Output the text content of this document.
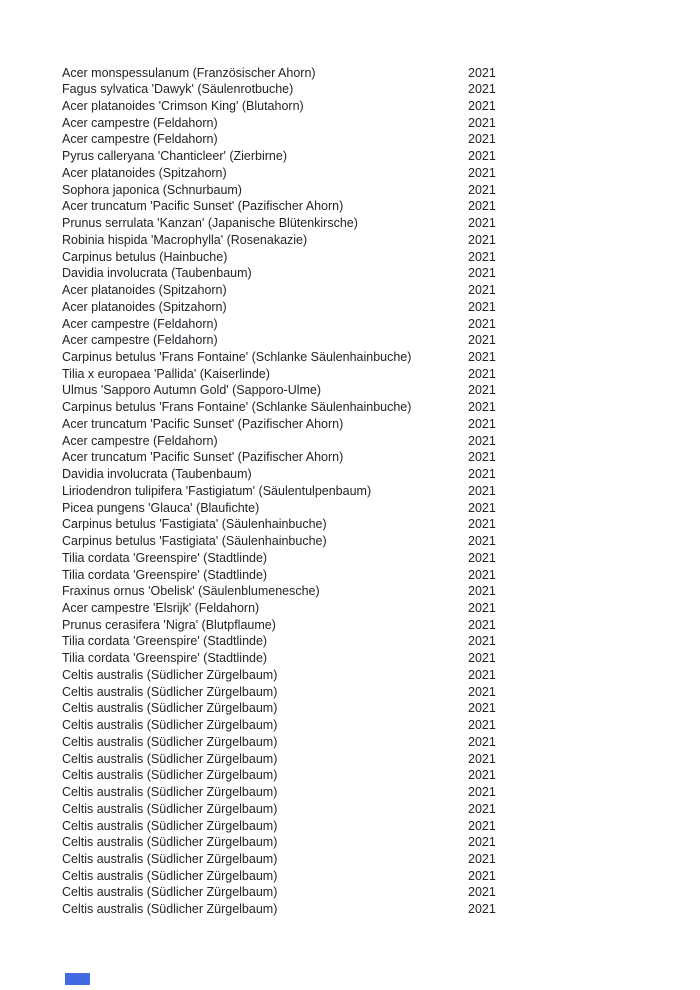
Acer monspessulanum (Französischer Ahorn)	2021
Fagus sylvatica 'Dawyk' (Säulenrotbuche)	2021
Acer platanoides 'Crimson King' (Blutahorn)	2021
Acer campestre (Feldahorn)	2021
Acer campestre (Feldahorn)	2021
Pyrus calleryana 'Chanticleer' (Zierbirne)	2021
Acer platanoides (Spitzahorn)	2021
Sophora japonica (Schnurbaum)	2021
Acer truncatum 'Pacific Sunset' (Pazifischer Ahorn)	2021
Prunus serrulata 'Kanzan' (Japanische Blütenkirsche)	2021
Robinia hispida 'Macrophylla' (Rosenakazie)	2021
Carpinus betulus (Hainbuche)	2021
Davidia involucrata (Taubenbaum)	2021
Acer platanoides (Spitzahorn)	2021
Acer platanoides (Spitzahorn)	2021
Acer campestre (Feldahorn)	2021
Acer campestre (Feldahorn)	2021
Carpinus betulus 'Frans Fontaine' (Schlanke Säulenhainbuche)	2021
Tilia x europaea 'Pallida' (Kaiserlinde)	2021
Ulmus 'Sapporo Autumn Gold' (Sapporo-Ulme)	2021
Carpinus betulus 'Frans Fontaine' (Schlanke Säulenhainbuche)	2021
Acer truncatum 'Pacific Sunset' (Pazifischer Ahorn)	2021
Acer campestre (Feldahorn)	2021
Acer truncatum 'Pacific Sunset' (Pazifischer Ahorn)	2021
Davidia involucrata (Taubenbaum)	2021
Liriodendron tulipifera 'Fastigiatum' (Säulentulpenbaum)	2021
Picea pungens 'Glauca' (Blaufichte)	2021
Carpinus betulus 'Fastigiata' (Säulenhainbuche)	2021
Carpinus betulus 'Fastigiata' (Säulenhainbuche)	2021
Tilia cordata 'Greenspire' (Stadtlinde)	2021
Tilia cordata 'Greenspire' (Stadtlinde)	2021
Fraxinus ornus 'Obelisk' (Säulenblumenesche)	2021
Acer campestre 'Elsrijk' (Feldahorn)	2021
Prunus cerasifera 'Nigra' (Blutpflaume)	2021
Tilia cordata 'Greenspire' (Stadtlinde)	2021
Tilia cordata 'Greenspire' (Stadtlinde)	2021
Celtis australis (Südlicher Zürgelbaum)	2021
Celtis australis (Südlicher Zürgelbaum)	2021
Celtis australis (Südlicher Zürgelbaum)	2021
Celtis australis (Südlicher Zürgelbaum)	2021
Celtis australis (Südlicher Zürgelbaum)	2021
Celtis australis (Südlicher Zürgelbaum)	2021
Celtis australis (Südlicher Zürgelbaum)	2021
Celtis australis (Südlicher Zürgelbaum)	2021
Celtis australis (Südlicher Zürgelbaum)	2021
Celtis australis (Südlicher Zürgelbaum)	2021
Celtis australis (Südlicher Zürgelbaum)	2021
Celtis australis (Südlicher Zürgelbaum)	2021
Celtis australis (Südlicher Zürgelbaum)	2021
Celtis australis (Südlicher Zürgelbaum)	2021
Celtis australis (Südlicher Zürgelbaum)	2021
